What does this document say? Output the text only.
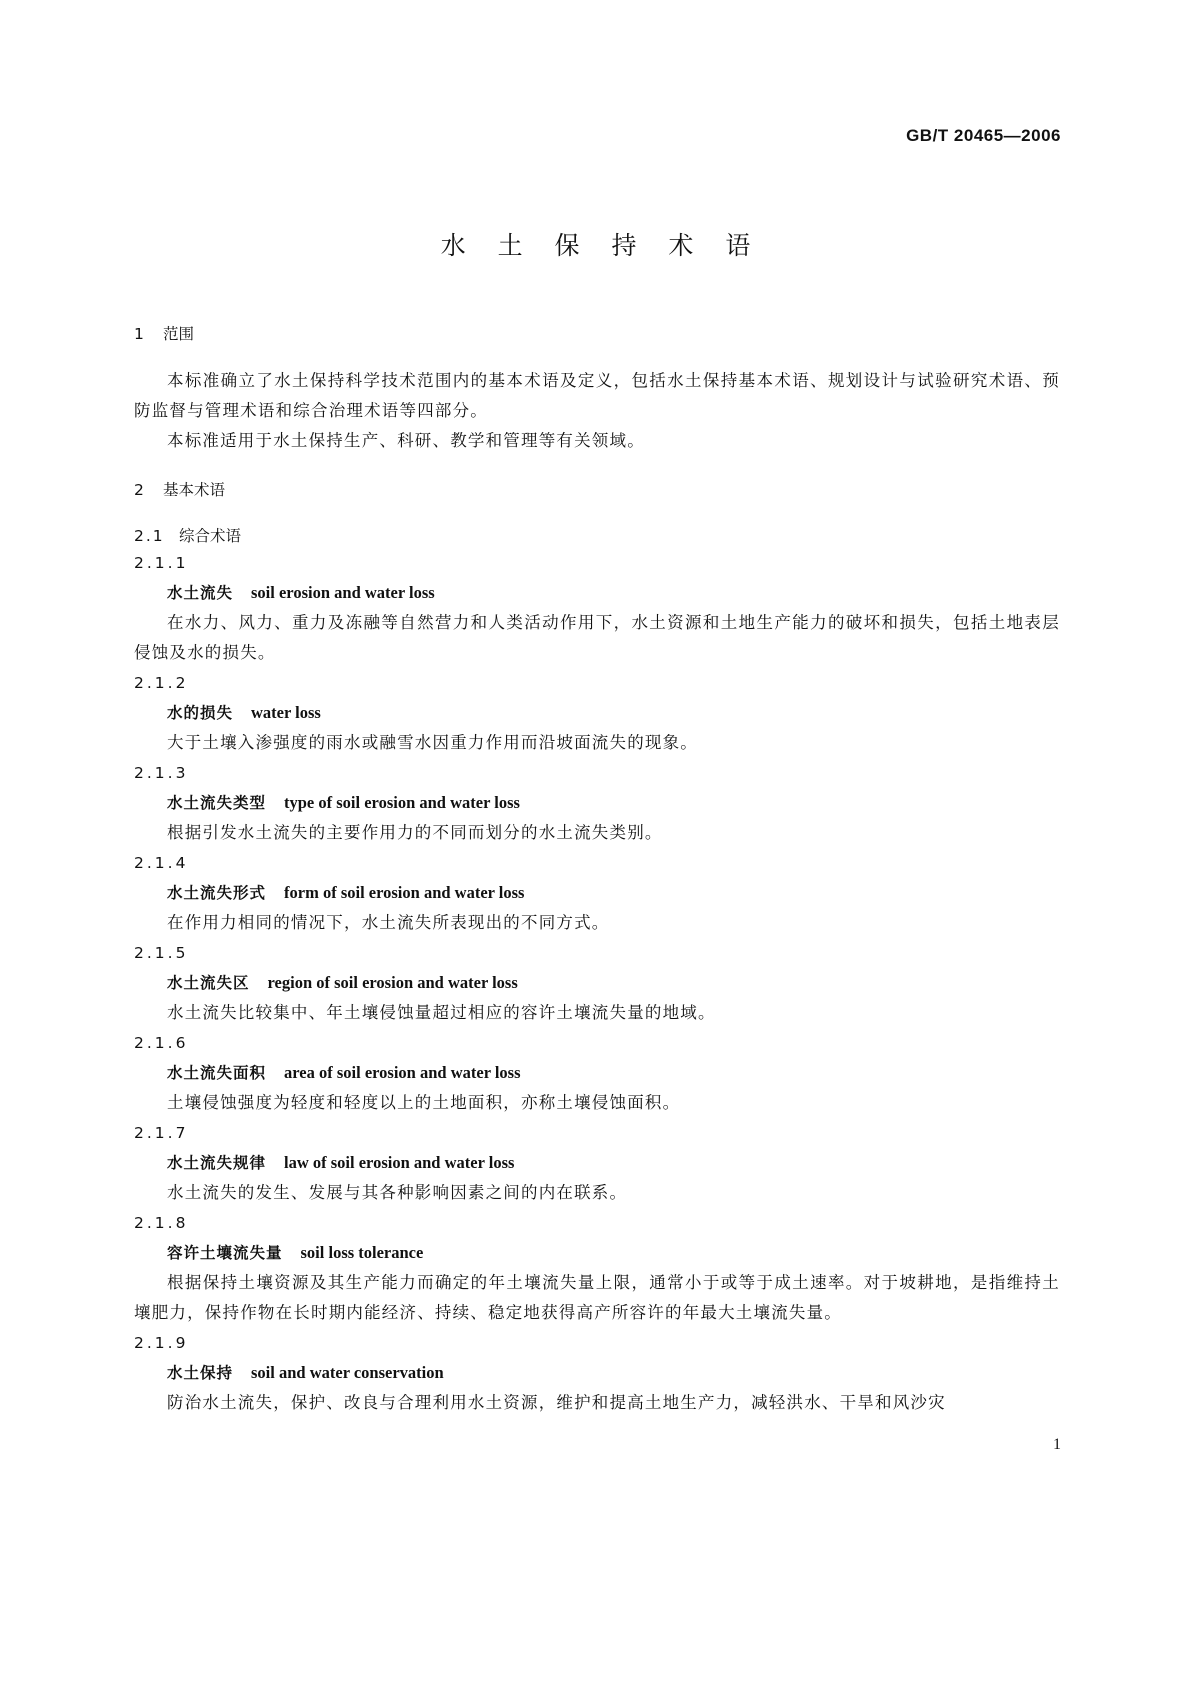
GB/T 20465—2006
水 土 保 持 术 语
1 范围
本标准确立了水土保持科学技术范围内的基本术语及定义，包括水土保持基本术语、规划设计与试验研究术语、预防监督与管理术语和综合治理术语等四部分。
本标准适用于水土保持生产、科研、教学和管理等有关领域。
2 基本术语
2.1 综合术语
2.1.1
水土流失 soil erosion and water loss
在水力、风力、重力及冻融等自然营力和人类活动作用下，水土资源和土地生产能力的破坏和损失，包括土地表层侵蚀及水的损失。
2.1.2
水的损失 water loss
大于土壤入渗强度的雨水或融雪水因重力作用而沿坡面流失的现象。
2.1.3
水土流失类型 type of soil erosion and water loss
根据引发水土流失的主要作用力的不同而划分的水土流失类别。
2.1.4
水土流失形式 form of soil erosion and water loss
在作用力相同的情况下，水土流失所表现出的不同方式。
2.1.5
水土流失区 region of soil erosion and water loss
水土流失比较集中、年土壤侵蚀量超过相应的容许土壤流失量的地域。
2.1.6
水土流失面积 area of soil erosion and water loss
土壤侵蚀强度为轻度和轻度以上的土地面积，亦称土壤侵蚀面积。
2.1.7
水土流失规律 law of soil erosion and water loss
水土流失的发生、发展与其各种影响因素之间的内在联系。
2.1.8
容许土壤流失量 soil loss tolerance
根据保持土壤资源及其生产能力而确定的年土壤流失量上限，通常小于或等于成土速率。对于坡耕地，是指维持土壤肥力，保持作物在长时期内能经济、持续、稳定地获得高产所容许的年最大土壤流失量。
2.1.9
水土保持 soil and water conservation
防治水土流失，保护、改良与合理利用水土资源，维护和提高土地生产力，减轻洪水、干旱和风沙灾
1
